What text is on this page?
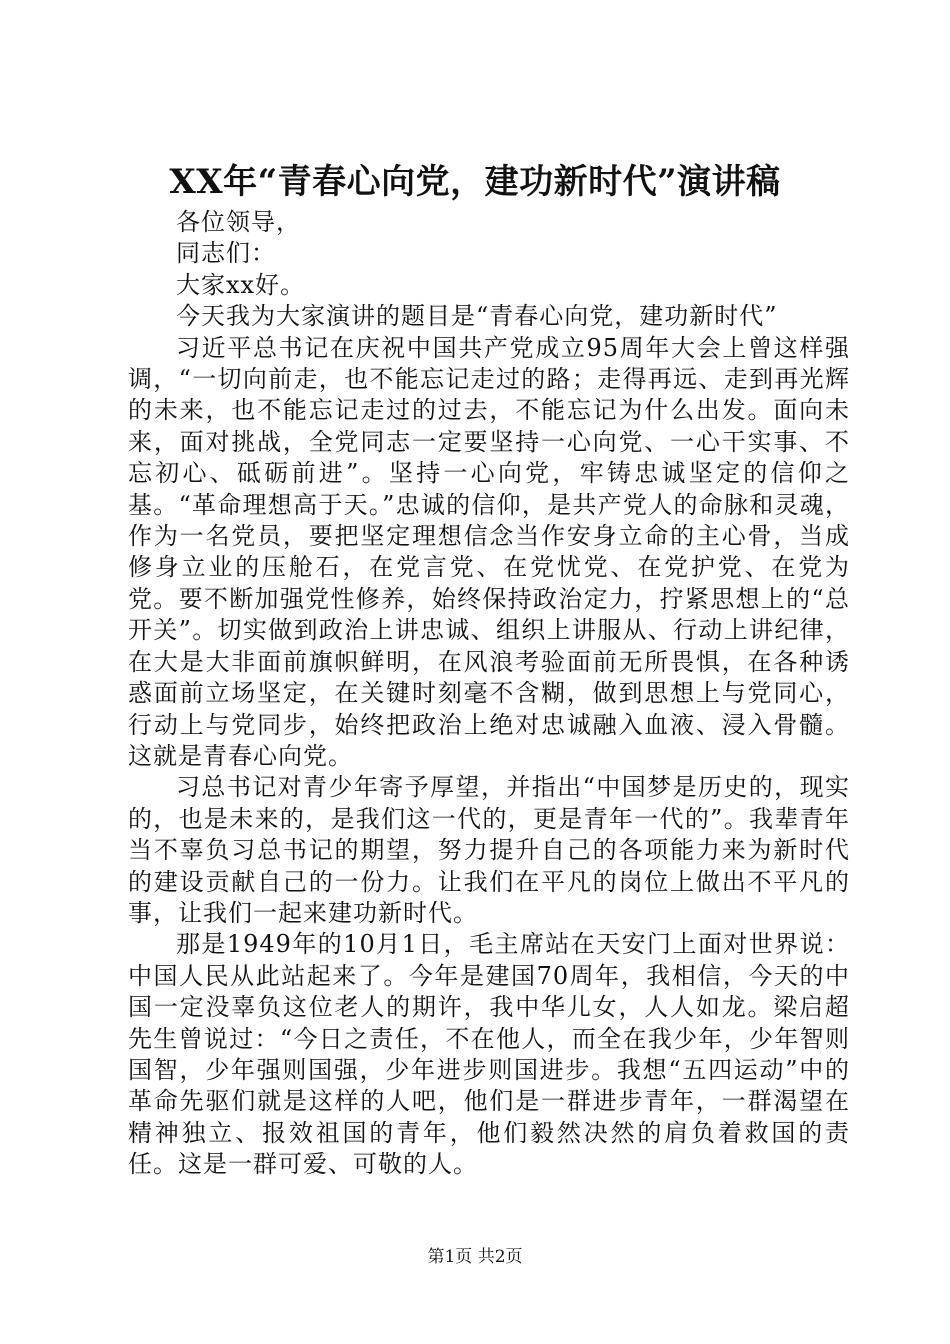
XX年“青春心向党，建功新时代”演讲稿

各位领导，

同志们：

大家xx好。

今天我为大家演讲的题目是“青春心向党，建功新时代”

习近平总书记在庆祝中国共产党成立95周年大会上曾这样强调，“一切向前走，也不能忘记走过的路；走得再远、走到再光辉的未来，也不能忘记走过的过去，不能忘记为什么出发。面向未来，面对挑战，全党同志一定要坚持一心向党、一心干实事、不忘初心、砥砺前进”。坚持一心向党，牢铸忠诚坚定的信仰之基。“革命理想高于天。”忠诚的信仰，是共产党人的命脉和灵魂，作为一名党员，要把坚定理想信念当作安身立命的主心骨，当成修身立业的压舱石，在党言党、在党忧党、在党护党、在党为党。要不断加强党性修养，始终保持政治定力，拧紧思想上的“总开关”。切实做到政治上讲忠诚、组织上讲服从、行动上讲纪律，在大是大非面前旗帜鲜明，在风浪考验面前无所畏惧，在各种诱惑面前立场坚定，在关键时刻毫不含糊，做到思想上与党同心，行动上与党同步，始终把政治上绝对忠诚融入血液、浸入骨髓。这就是青春心向党。

习总书记对青少年寄予厚望，并指出“中国梦是历史的，现实的，也是未来的，是我们这一代的，更是青年一代的”。我辈青年当不辜负习总书记的期望，努力提升自己的各项能力来为新时代的建设贡献自己的一份力。让我们在平凡的岗位上做出不平凡的事，让我们一起来建功新时代。

那是1949年的10月1日，毛主席站在天安门上面对世界说：中国人民从此站起来了。今年是建国70周年，我相信，今天的中国一定没辜负这位老人的期许，我中华儿女，人人如龙。梁启超先生曾说过：“今日之责任，不在他人，而全在我少年，少年智则国智，少年强则国强，少年进步则国进步。我想“五四运动”中的革命先驱们就是这样的人吧，他们是一群进步青年，一群渴望在精神独立、报效祖国的青年，他们毅然决然的肩负着救国的责任。这是一群可爱、可敬的人。

第1页 共2页
